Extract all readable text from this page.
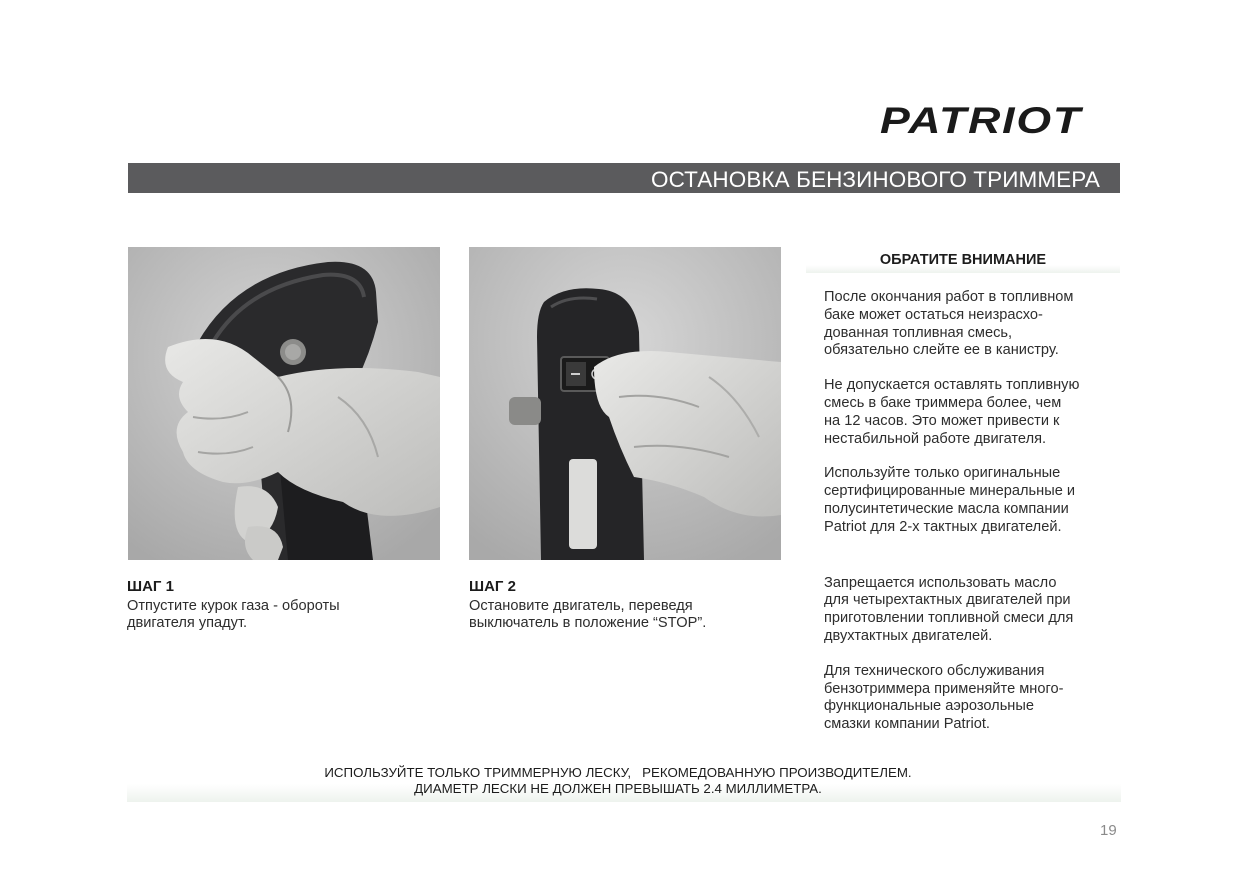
PATRIOT
ОСТАНОВКА БЕНЗИНОВОГО ТРИММЕРА
ШАГ 1
Отпустите курок газа - обороты
двигателя упадут.
ШАГ 2
Остановите двигатель, переведя
выключатель в положение “STOP”.
ОБРАТИТЕ ВНИМАНИЕ
После окончания работ в топливном
баке может остаться неизрасхо-
дованная топливная смесь,
обязательно слейте ее в канистру.
Не допускается оставлять топливную
смесь в баке триммера более, чем
на 12 часов. Это может привести к
нестабильной работе двигателя.
Используйте только оригинальные
сертифицированные минеральные и
полусинтетические масла компании
Patriot для 2-х тактных двигателей.
Запрещается использовать масло
для четырехтактных двигателей при
приготовлении топливной смеси для
двухтактных двигателей.
Для технического обслуживания
бензотриммера применяйте много-
функциональные аэрозольные
смазки компании Patriot.
ИСПОЛЬЗУЙТЕ ТОЛЬКО ТРИММЕРНУЮ ЛЕСКУ,   РЕКОМЕДОВАННУЮ ПРОИЗВОДИТЕЛЕМ.
ДИАМЕТР ЛЕСКИ НЕ ДОЛЖЕН ПРЕВЫШАТЬ 2.4 МИЛЛИМЕТРА.
19
